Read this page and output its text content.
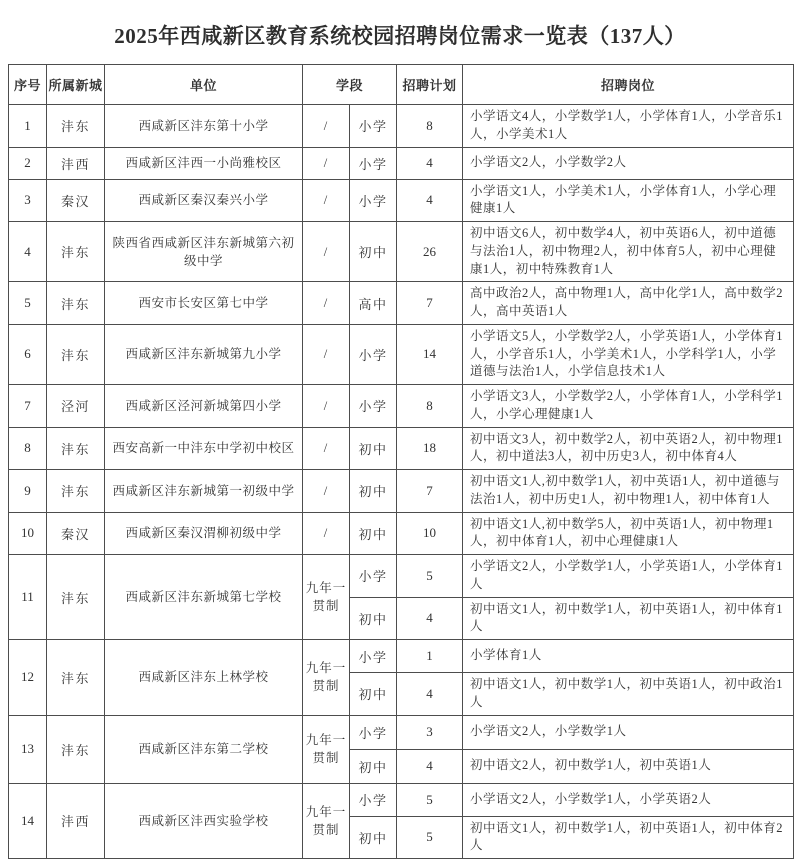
2025年西咸新区教育系统校园招聘岗位需求一览表（137人）
序号	所属新城	单位	学段		招聘计划	招聘岗位
1	沣东	西咸新区沣东第十小学	/	小学	8	小学语文4人，小学数学1人，小学体育1人，小学音乐1人，小学美术1人
2	沣西	西咸新区沣西一小尚雅校区	/	小学	4	小学语文2人，小学数学2人
3	秦汉	西咸新区秦汉秦兴小学	/	小学	4	小学语文1人，小学美术1人，小学体育1人，小学心理健康1人
4	沣东	陕西省西咸新区沣东新城第六初级中学	/	初中	26	初中语文6人，初中数学4人，初中英语6人，初中道德与法治1人，初中物理2人，初中体育5人，初中心理健康1人，初中特殊教育1人
5	沣东	西安市长安区第七中学	/	高中	7	高中政治2人，高中物理1人，高中化学1人，高中数学2人，高中英语1人
6	沣东	西咸新区沣东新城第九小学	/	小学	14	小学语文5人，小学数学2人，小学英语1人，小学体育1人，小学音乐1人，小学美术1人，小学科学1人，小学道德与法治1人，小学信息技术1人
7	泾河	西咸新区泾河新城第四小学	/	小学	8	小学语文3人，小学数学2人，小学体育1人，小学科学1人，小学心理健康1人
8	沣东	西安高新一中沣东中学初中校区	/	初中	18	初中语文3人，初中数学2人，初中英语2人，初中物理1人，初中道法3人，初中历史3人，初中体育4人
9	沣东	西咸新区沣东新城第一初级中学	/	初中	7	初中语文1人,初中数学1人，初中英语1人，初中道德与法治1人，初中历史1人，初中物理1人，初中体育1人
10	秦汉	西咸新区秦汉渭柳初级中学	/	初中	10	初中语文1人,初中数学5人，初中英语1人，初中物理1人，初中体育1人，初中心理健康1人
11	沣东	西咸新区沣东新城第七学校	九年一贯制	小学	5	小学语文2人，小学数学1人，小学英语1人，小学体育1人
				初中	4	初中语文1人，初中数学1人，初中英语1人，初中体育1人
12	沣东	西咸新区沣东上林学校	九年一贯制	小学	1	小学体育1人
				初中	4	初中语文1人，初中数学1人，初中英语1人，初中政治1人
13	沣东	西咸新区沣东第二学校	九年一贯制	小学	3	小学语文2人，小学数学1人
				初中	4	初中语文2人，初中数学1人，初中英语1人
14	沣西	西咸新区沣西实验学校	九年一贯制	小学	5	小学语文2人，小学数学1人，小学英语2人
				初中	5	初中语文1人，初中数学1人，初中英语1人，初中体育2人
